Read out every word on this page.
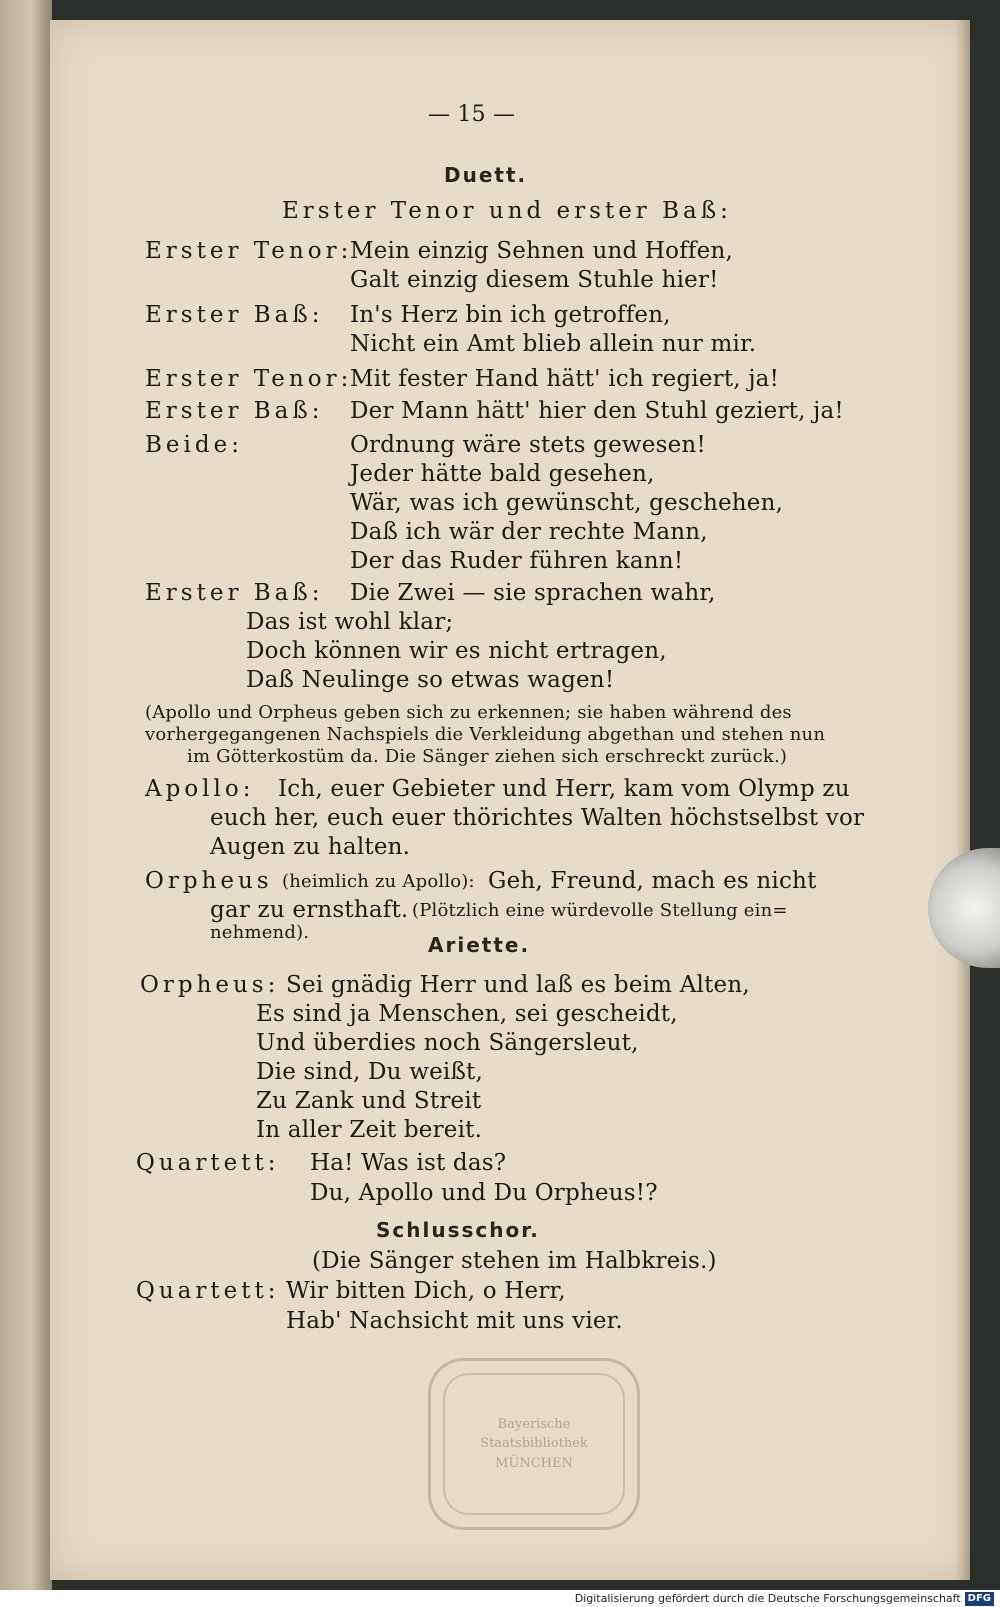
Bayerische
Staatsbibliothek
MÜNCHEN
— 15 —
Duett.
Erster Tenor und erster Baß:
Erster Tenor:
Mein einzig Sehnen und Hoffen,
Galt einzig diesem Stuhle hier!
Erster Baß: In's Herz bin ich getroffen,
Nicht ein Amt blieb allein nur mir.
Erster Tenor:
Mit fester Hand hätt' ich regiert, ja!
Erster Baß: Der Mann hätt' hier den Stuhl geziert, ja!
Beide:	Ordnung wäre stets gewesen!
Jeder hätte bald gesehen,
Wär, was ich gewünscht, geschehen,
Daß ich wär der rechte Mann,
Der das Ruder führen kann!
Erster Baß: Die Zwei — sie sprachen wahr,
Das ist wohl klar;
Doch können wir es nicht ertragen,
Daß Neulinge so etwas wagen!
(Apollo und Orpheus geben sich zu erkennen; sie haben während des
vorhergegangenen Nachspiels die Verkleidung abgethan und stehen nun
im Götterkostüm da. Die Sänger ziehen sich erschreckt zurück.)
Apollo: Ich, euer Gebieter und Herr, kam vom Olymp zu
euch her, euch euer thörichtes Walten höchstselbst vor
Augen zu halten.
Orpheus (heimlich zu Apollo): Geh, Freund, mach es nicht
gar zu ernsthaft. (Plötzlich eine würdevolle Stellung ein=
nehmend).
Ariette.
Orpheus: Sei gnädig Herr und laß es beim Alten,
Es sind ja Menschen, sei gescheidt,
Und überdies noch Sängersleut,
Die sind, Du weißt,
Zu Zank und Streit
In aller Zeit bereit.
Quartett: Ha! Was ist das?
Du, Apollo und Du Orpheus!?
Schlusschor.
(Die Sänger stehen im Halbkreis.)
Quartett: Wir bitten Dich, o Herr,
Hab' Nachsicht mit uns vier.
Digitalisierung gefördert durch die Deutsche Forschungsgemeinschaft DFG
